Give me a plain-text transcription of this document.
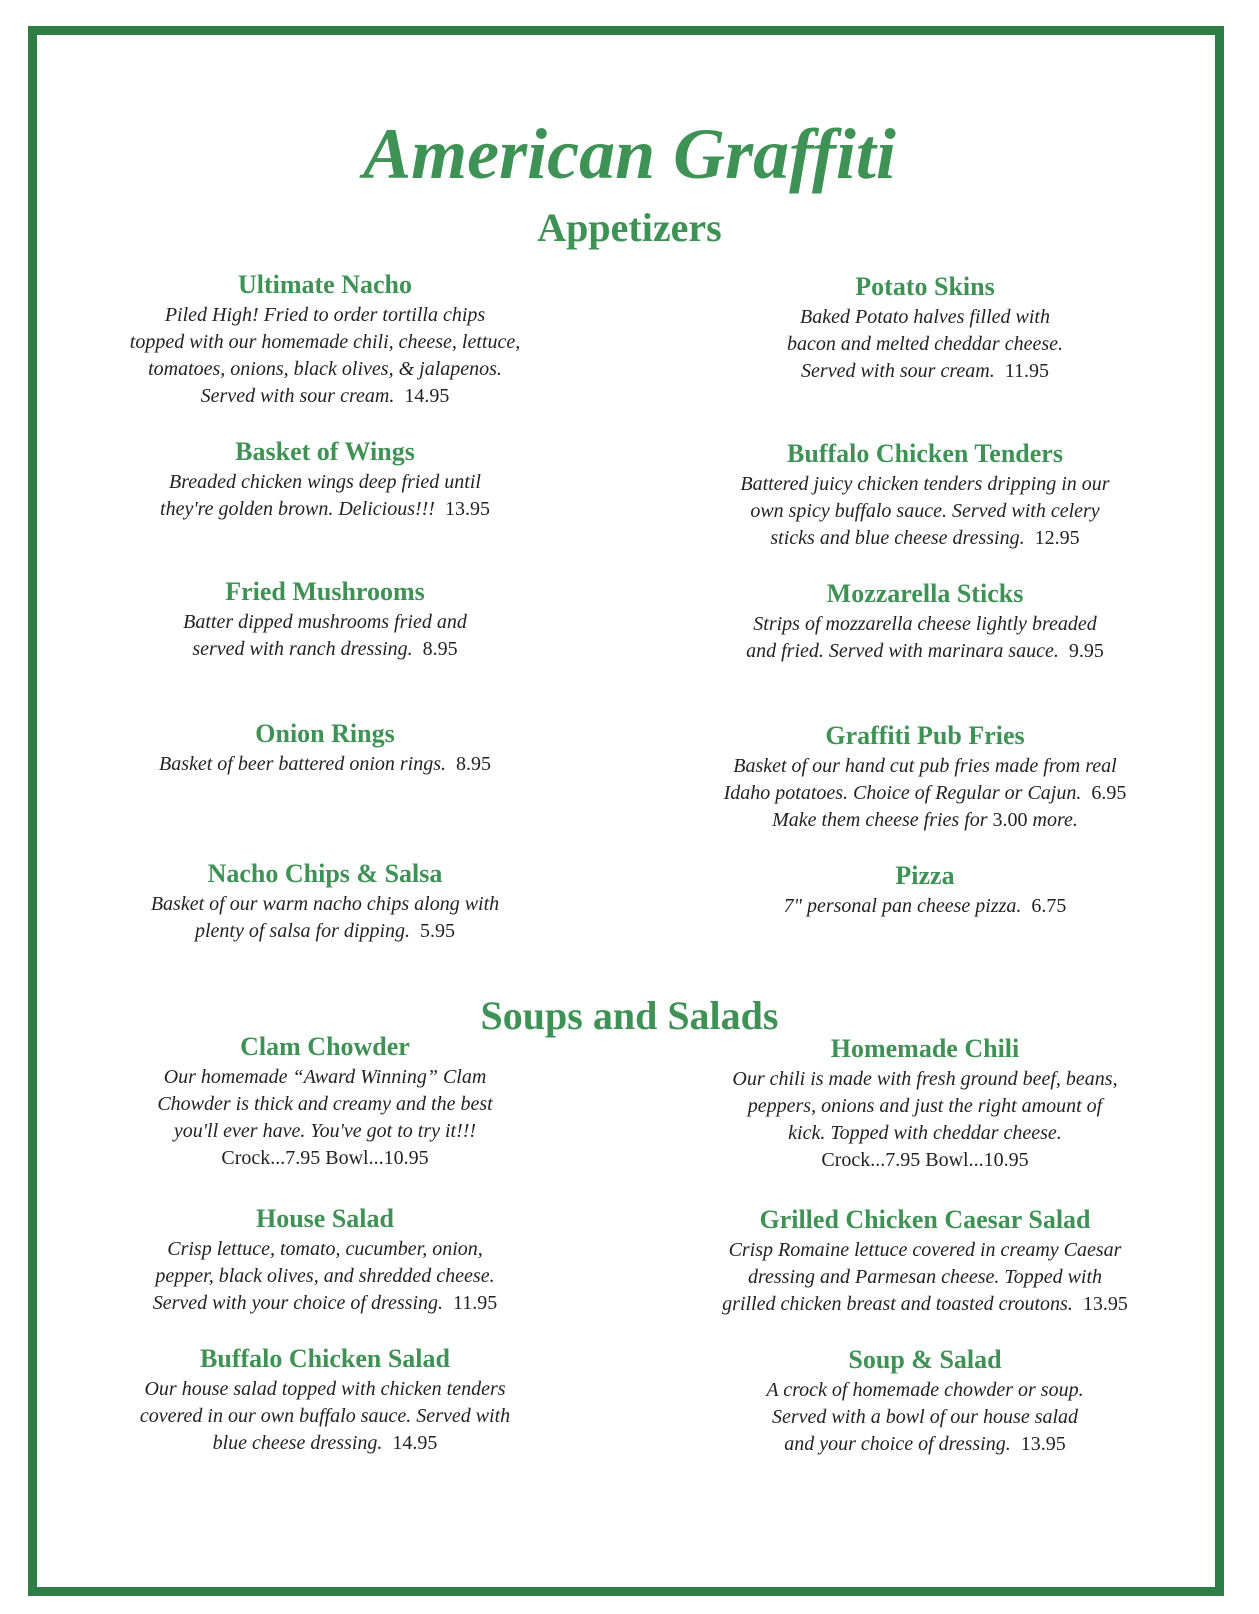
American Graffiti
Appetizers
Ultimate Nacho

Piled High! Fried to order tortilla chips
topped with our homemade chili, cheese, lettuce,
tomatoes, onions, black olives, & jalapenos.
Served with sour cream. 14.95

Potato Skins

Baked Potato halves filled with
bacon and melted cheddar cheese.
Served with sour cream. 11.95

Basket of Wings

Breaded chicken wings deep fried until
they're golden brown. Delicious!!! 13.95

Buffalo Chicken Tenders

Battered juicy chicken tenders dripping in our
own spicy buffalo sauce. Served with celery
sticks and blue cheese dressing. 12.95

Fried Mushrooms

Batter dipped mushrooms fried and
served with ranch dressing. 8.95

Mozzarella Sticks

Strips of mozzarella cheese lightly breaded
and fried. Served with marinara sauce. 9.95

Onion Rings

Basket of beer battered onion rings. 8.95

Graffiti Pub Fries

Basket of our hand cut pub fries made from real
Idaho potatoes. Choice of Regular or Cajun. 6.95

Make them cheese fries for 3.00 more.

Nacho Chips & Salsa

Basket of our warm nacho chips along with
plenty of salsa for dipping. 5.95

Pizza

7" personal pan cheese pizza. 6.75

Soups and Salads
Clam Chowder

Our homemade “Award Winning” Clam
Chowder is thick and creamy and the best
you'll ever have. You've got to try it!!!

Crock...7.95 Bowl...10.95

Homemade Chili

Our chili is made with fresh ground beef, beans,
peppers, onions and just the right amount of
kick. Topped with cheddar cheese.

Crock...7.95 Bowl...10.95

House Salad

Crisp lettuce, tomato, cucumber, onion,
pepper, black olives, and shredded cheese.
Served with your choice of dressing. 11.95

Grilled Chicken Caesar Salad

Crisp Romaine lettuce covered in creamy Caesar
dressing and Parmesan cheese. Topped with
grilled chicken breast and toasted croutons. 13.95

Buffalo Chicken Salad

Our house salad topped with chicken tenders
covered in our own buffalo sauce. Served with
blue cheese dressing. 14.95

Soup & Salad

A crock of homemade chowder or soup.
Served with a bowl of our house salad
and your choice of dressing. 13.95
